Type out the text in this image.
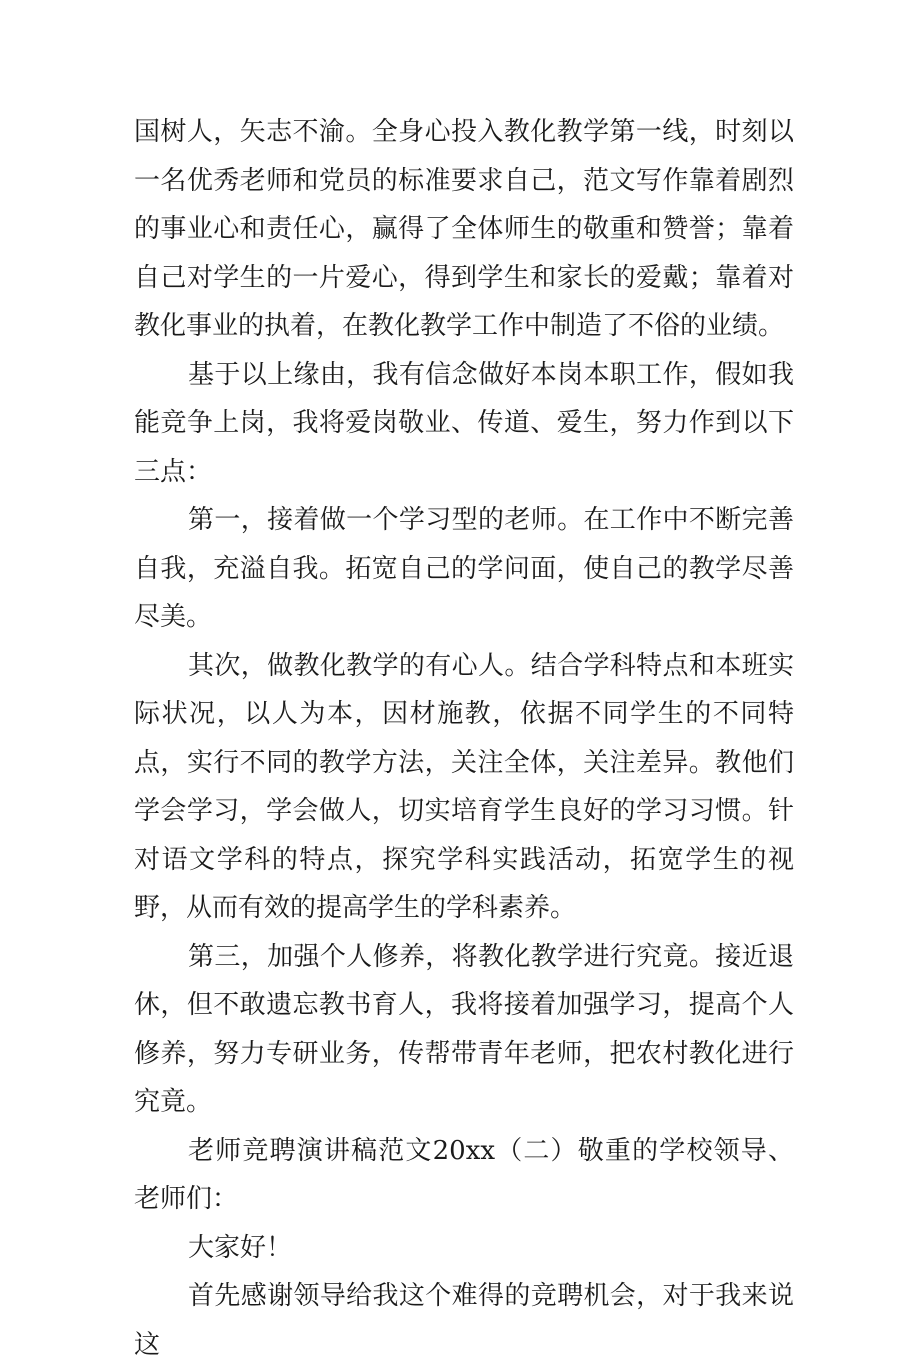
国树人，矢志不渝。全身心投入教化教学第一线，时刻以一名优秀老师和党员的标准要求自己，范文写作靠着剧烈的事业心和责任心，赢得了全体师生的敬重和赞誉；靠着自己对学生的一片爱心，得到学生和家长的爱戴；靠着对教化事业的执着，在教化教学工作中制造了不俗的业绩。

基于以上缘由，我有信念做好本岗本职工作，假如我能竞争上岗，我将爱岗敬业、传道、爱生，努力作到以下三点：

第一，接着做一个学习型的老师。在工作中不断完善自我，充溢自我。拓宽自己的学问面，使自己的教学尽善尽美。

其次，做教化教学的有心人。结合学科特点和本班实际状况，以人为本，因材施教，依据不同学生的不同特点，实行不同的教学方法，关注全体，关注差异。教他们学会学习，学会做人，切实培育学生良好的学习习惯。针对语文学科的特点，探究学科实践活动，拓宽学生的视野，从而有效的提高学生的学科素养。

第三，加强个人修养，将教化教学进行究竟。接近退休，但不敢遗忘教书育人，我将接着加强学习，提高个人修养，努力专研业务，传帮带青年老师，把农村教化进行究竟。

老师竞聘演讲稿范文20xx（二）敬重的学校领导、老师们：

大家好！

首先感谢领导给我这个难得的竞聘机会，对于我来说这
